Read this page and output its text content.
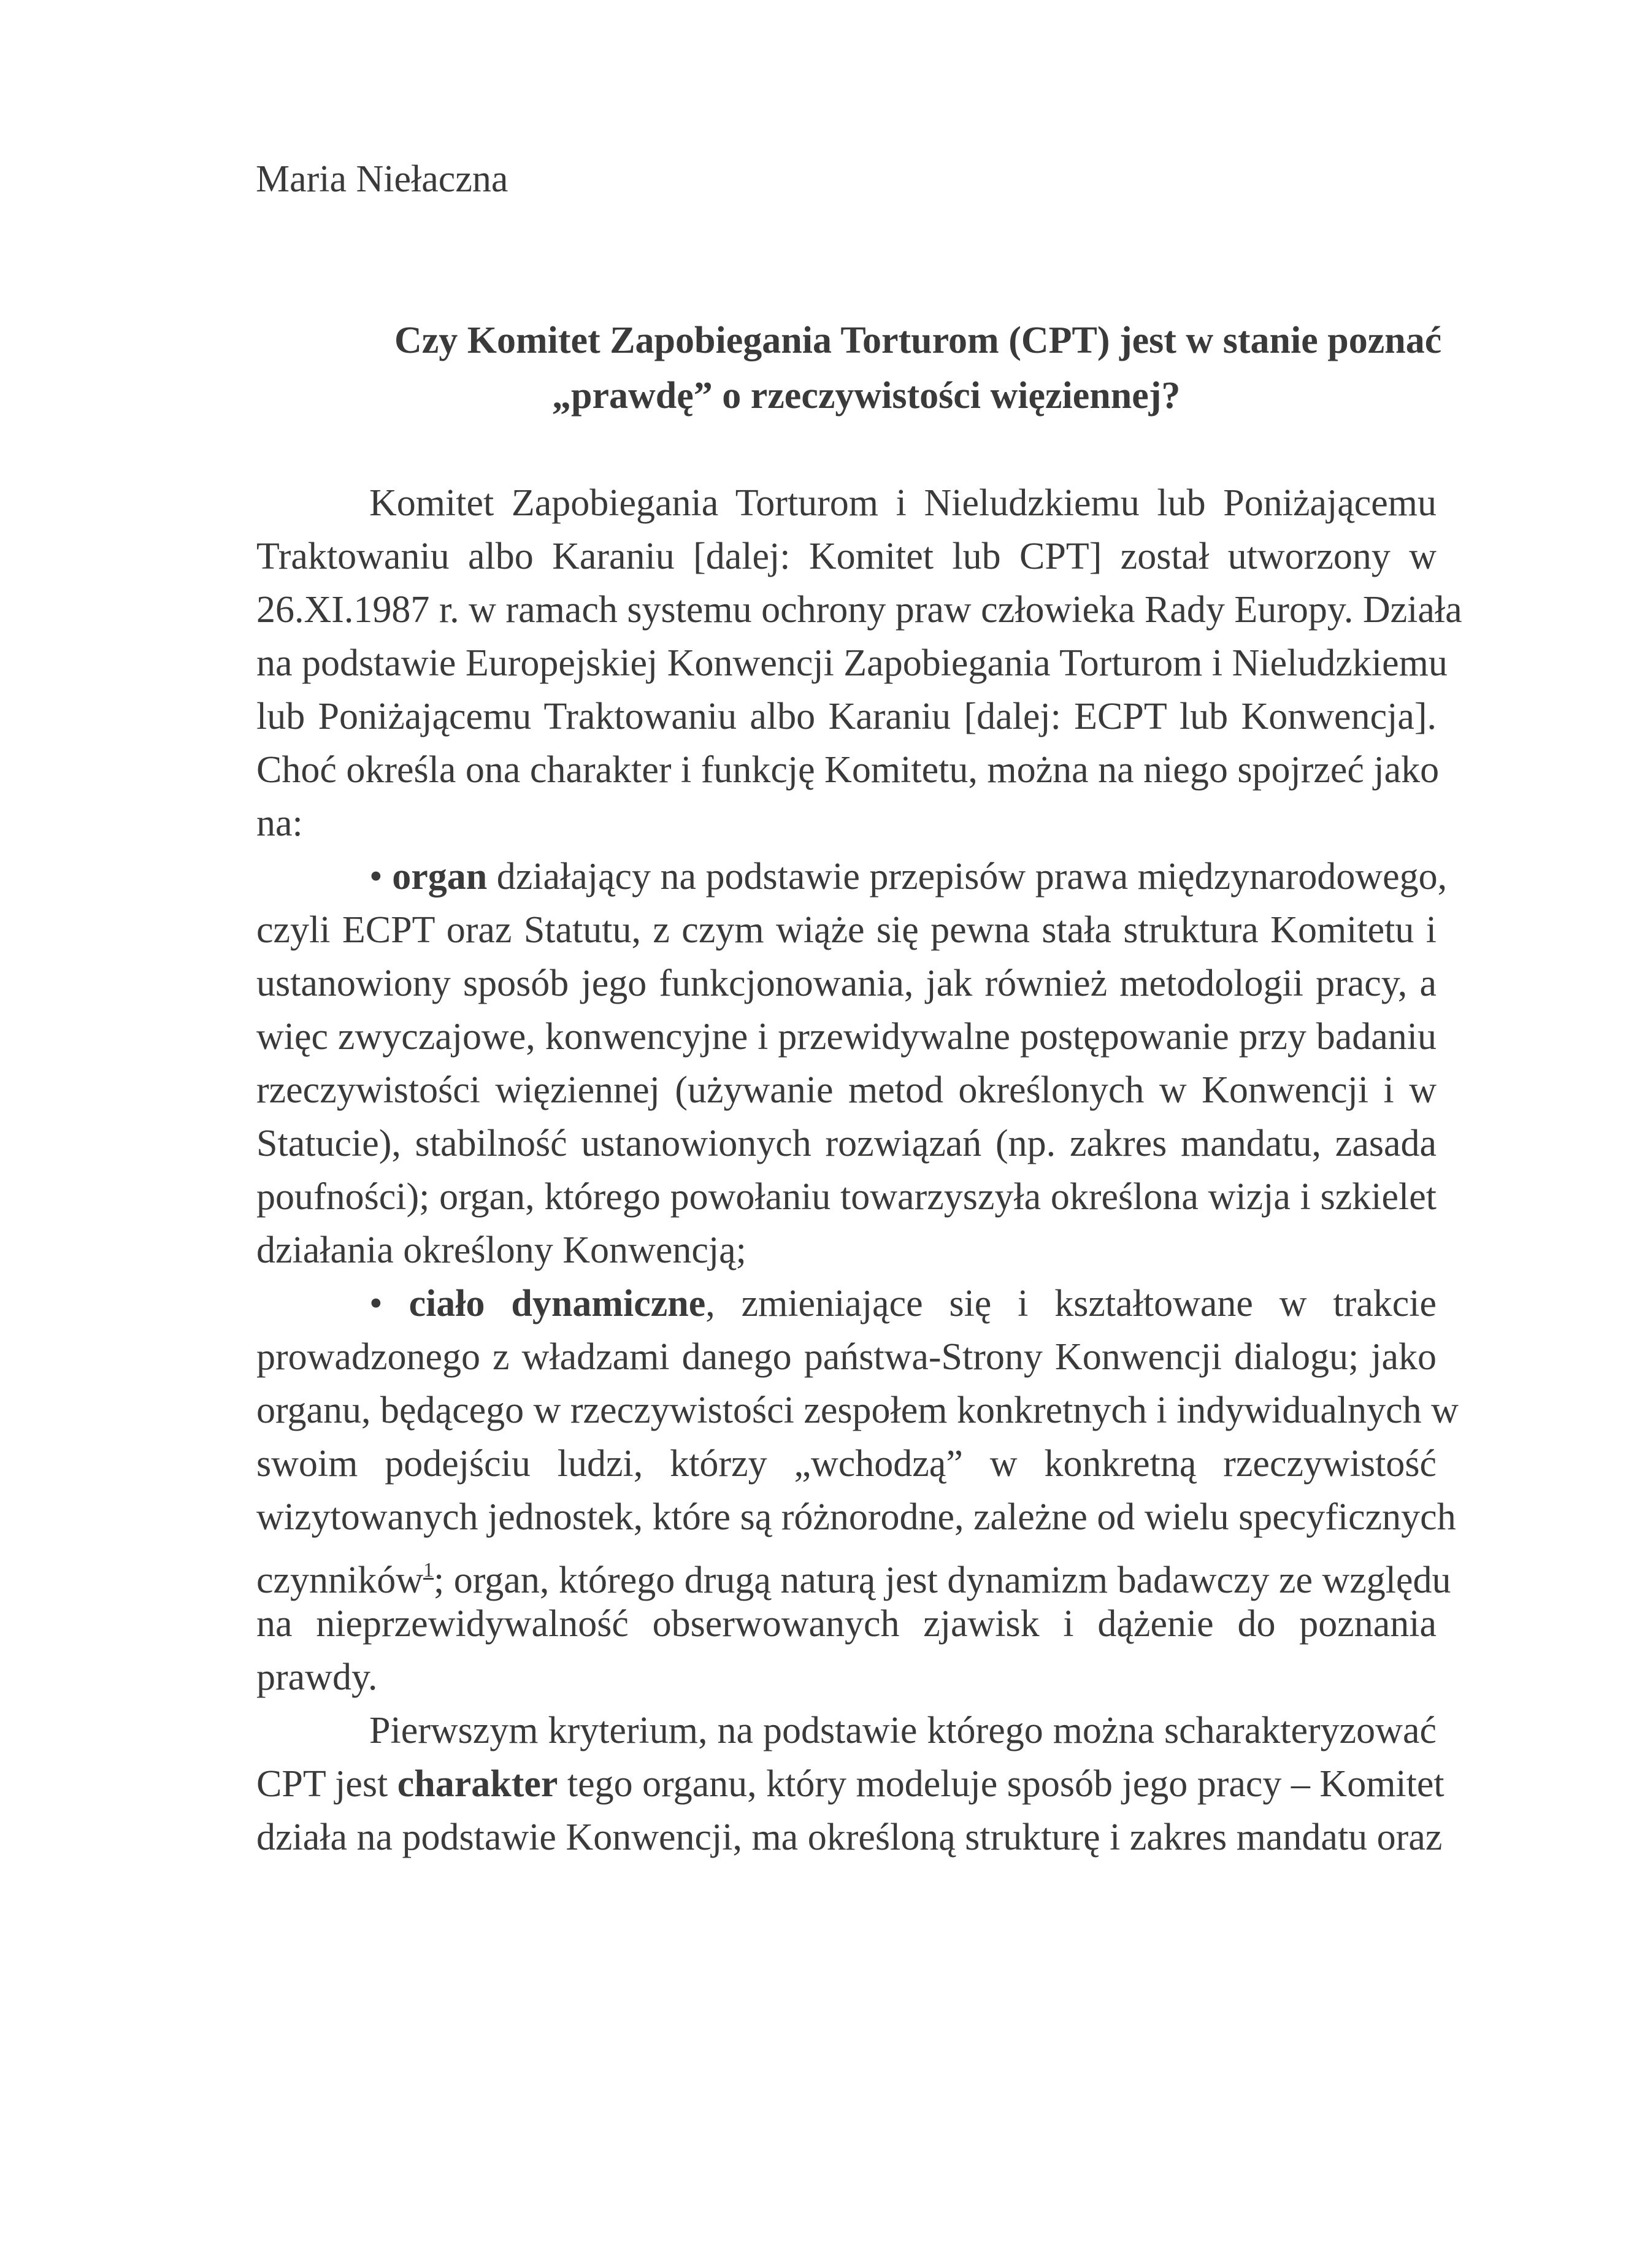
Maria Niełaczna
Czy Komitet Zapobiegania Torturom (CPT) jest w stanie poznać
„prawdę” o rzeczywistości więziennej?
Komitet Zapobiegania Torturom i Nieludzkiemu lub Poniżającemu
Traktowaniu albo Karaniu [dalej: Komitet lub CPT] został utworzony w
26.XI.1987 r. w ramach systemu ochrony praw człowieka Rady Europy. Działa
na podstawie Europejskiej Konwencji Zapobiegania Torturom i Nieludzkiemu
lub Poniżającemu Traktowaniu albo Karaniu [dalej: ECPT lub Konwencja].
Choć określa ona charakter i funkcję Komitetu, można na niego spojrzeć jako
na:
• organ działający na podstawie przepisów prawa międzynarodowego,
czyli ECPT oraz Statutu, z czym wiąże się pewna stała struktura Komitetu i
ustanowiony sposób jego funkcjonowania, jak również metodologii pracy, a
więc zwyczajowe, konwencyjne i przewidywalne postępowanie przy badaniu
rzeczywistości więziennej (używanie metod określonych w Konwencji i w
Statucie), stabilność ustanowionych rozwiązań (np. zakres mandatu, zasada
poufności); organ, którego powołaniu towarzyszyła określona wizja i szkielet
działania określony Konwencją;
• ciało dynamiczne, zmieniające się i kształtowane w trakcie
prowadzonego z władzami danego państwa-Strony Konwencji dialogu; jako
organu, będącego w rzeczywistości zespołem konkretnych i indywidualnych w
swoim podejściu ludzi, którzy „wchodzą” w konkretną rzeczywistość
wizytowanych jednostek, które są różnorodne, zależne od wielu specyficznych
czynników$^1$; organ, którego drugą naturą jest dynamizm badawczy ze względu
na nieprzewidywalność obserwowanych zjawisk i dążenie do poznania
prawdy.
Pierwszym kryterium, na podstawie którego można scharakteryzować
CPT jest charakter tego organu, który modeluje sposób jego pracy – Komitet
działa na podstawie Konwencji, ma określoną strukturę i zakres mandatu oraz
